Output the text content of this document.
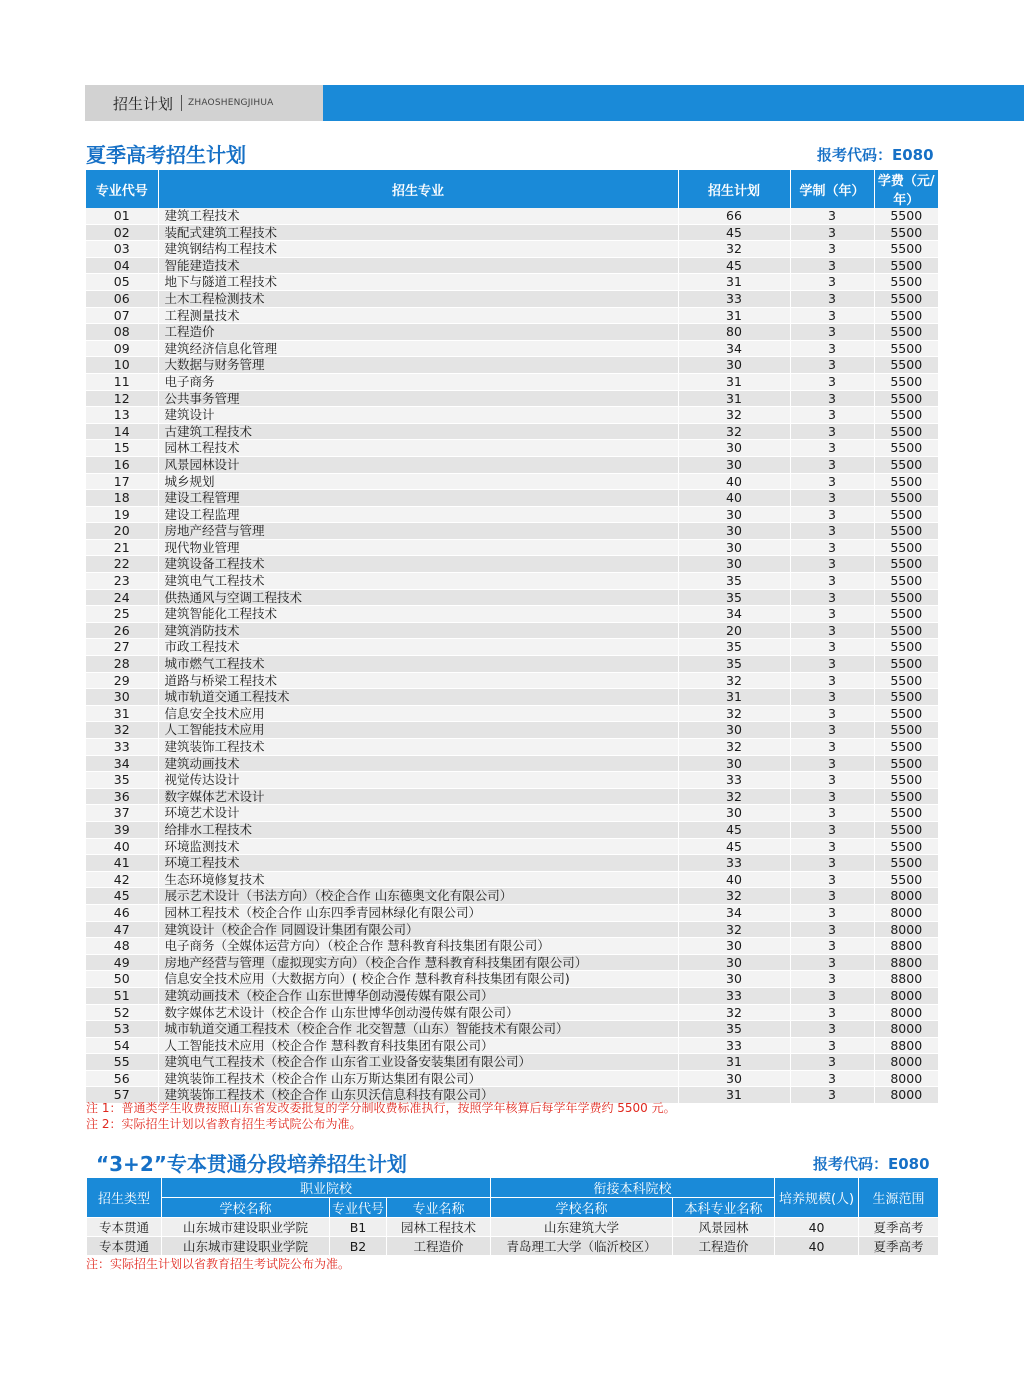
招生计划 ZHAOSHENGJIHUA
夏季高考招生计划	报考代码：E080
专业代号	招生专业	招生计划	学制（年）	学费（元/年）
01	建筑工程技术	66	3	5500
02	装配式建筑工程技术	45	3	5500
03	建筑钢结构工程技术	32	3	5500
04	智能建造技术	45	3	5500
05	地下与隧道工程技术	31	3	5500
06	土木工程检测技术	33	3	5500
07	工程测量技术	31	3	5500
08	工程造价	80	3	5500
09	建筑经济信息化管理	34	3	5500
10	大数据与财务管理	30	3	5500
11	电子商务	31	3	5500
12	公共事务管理	31	3	5500
13	建筑设计	32	3	5500
14	古建筑工程技术	32	3	5500
15	园林工程技术	30	3	5500
16	风景园林设计	30	3	5500
17	城乡规划	40	3	5500
18	建设工程管理	40	3	5500
19	建设工程监理	30	3	5500
20	房地产经营与管理	30	3	5500
21	现代物业管理	30	3	5500
22	建筑设备工程技术	30	3	5500
23	建筑电气工程技术	35	3	5500
24	供热通风与空调工程技术	35	3	5500
25	建筑智能化工程技术	34	3	5500
26	建筑消防技术	20	3	5500
27	市政工程技术	35	3	5500
28	城市燃气工程技术	35	3	5500
29	道路与桥梁工程技术	32	3	5500
30	城市轨道交通工程技术	31	3	5500
31	信息安全技术应用	32	3	5500
32	人工智能技术应用	30	3	5500
33	建筑装饰工程技术	32	3	5500
34	建筑动画技术	30	3	5500
35	视觉传达设计	33	3	5500
36	数字媒体艺术设计	32	3	5500
37	环境艺术设计	30	3	5500
39	给排水工程技术	45	3	5500
40	环境监测技术	45	3	5500
41	环境工程技术	33	3	5500
42	生态环境修复技术	40	3	5500
45	展示艺术设计（书法方向）（校企合作 山东德奥文化有限公司）	32	3	8000
46	园林工程技术（校企合作 山东四季青园林绿化有限公司）	34	3	8000
47	建筑设计（校企合作 同圆设计集团有限公司）	32	3	8000
48	电子商务（全媒体运营方向）（校企合作 慧科教育科技集团有限公司）	30	3	8800
49	房地产经营与管理（虚拟现实方向）（校企合作 慧科教育科技集团有限公司）	30	3	8800
50	信息安全技术应用（大数据方向）( 校企合作 慧科教育科技集团有限公司)	30	3	8800
51	建筑动画技术（校企合作 山东世博华创动漫传媒有限公司）	33	3	8000
52	数字媒体艺术设计（校企合作 山东世博华创动漫传媒有限公司）	32	3	8000
53	城市轨道交通工程技术（校企合作 北交智慧（山东）智能技术有限公司）	35	3	8000
54	人工智能技术应用（校企合作 慧科教育科技集团有限公司）	33	3	8800
55	建筑电气工程技术（校企合作 山东省工业设备安装集团有限公司）	31	3	8000
56	建筑装饰工程技术（校企合作 山东万斯达集团有限公司）	30	3	8000
57	建筑装饰工程技术（校企合作 山东贝沃信息科技有限公司）	31	3	8000
注 1：普通类学生收费按照山东省发改委批复的学分制收费标准执行，按照学年核算后每学年学费约 5500 元。
注 2：实际招生计划以省教育招生考试院公布为准。
“3+2”专本贯通分段培养招生计划	报考代码：E080
招生类型	职业院校			衔接本科院校		培养规模(人)	生源范围
	学校名称	专业代号	专业名称	学校名称	本科专业名称		
专本贯通	山东城市建设职业学院	B1	园林工程技术	山东建筑大学	风景园林	40	夏季高考
专本贯通	山东城市建设职业学院	B2	工程造价	青岛理工大学（临沂校区）	工程造价	40	夏季高考
注：实际招生计划以省教育招生考试院公布为准。
